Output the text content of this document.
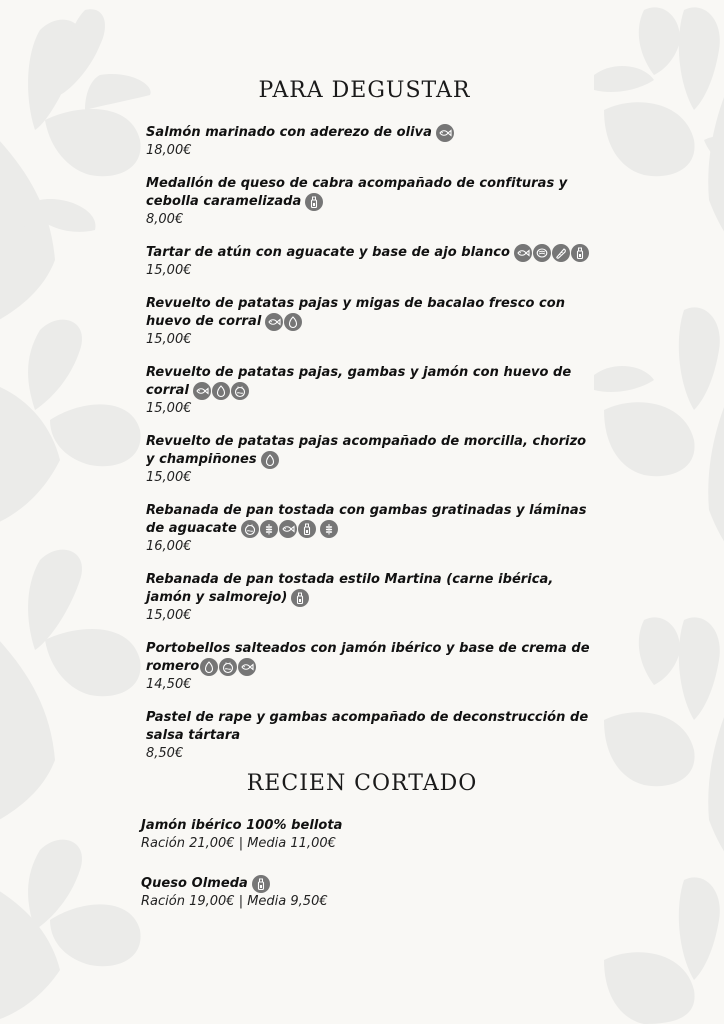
PARA DEGUSTAR
Salmón marinado con aderezo de oliva
18,00€
Medallón de queso de cabra acompañado de confituras y cebolla caramelizada
8,00€
Tartar de atún con aguacate y base de ajo blanco
15,00€
Revuelto de patatas pajas y migas de bacalao fresco con huevo de corral
15,00€
Revuelto de patatas pajas, gambas y jamón con huevo de corral
15,00€
Revuelto de patatas pajas acompañado de morcilla, chorizo y champiñones
15,00€
Rebanada de pan tostada con gambas gratinadas y láminas de aguacate
16,00€
Rebanada de pan tostada estilo Martina (carne ibérica, jamón y salmorejo)
15,00€
Portobellos salteados con jamón ibérico y base de crema de romero
14,50€
Pastel de rape y gambas acompañado de deconstrucción de salsa tártara
8,50€
RECIEN CORTADO
Jamón ibérico 100% bellota
Ración 21,00€ | Media 11,00€
Queso Olmeda
Ración 19,00€ | Media 9,50€
